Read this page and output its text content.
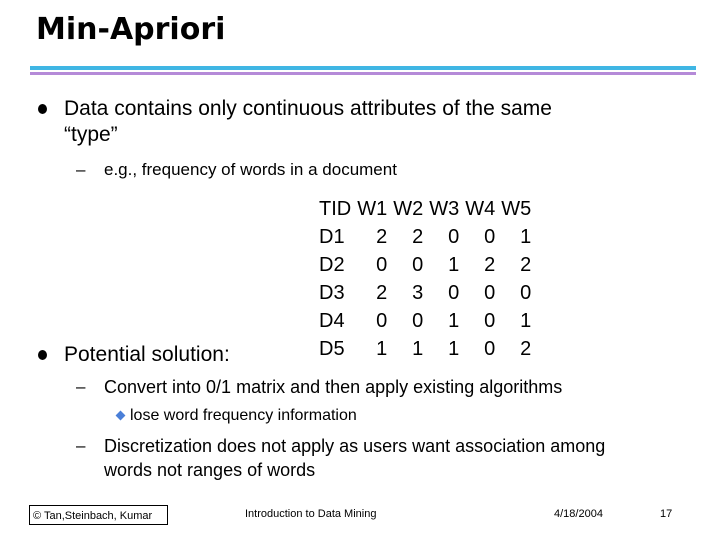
Min-Apriori
Data contains only continuous attributes of the same
“type”
– e.g., frequency of words in a document
TID	W1	W2	W3	W4	W5
D1	2	2	0	0	1
D2	0	0	1	2	2
D3	2	3	0	0	0
D4	0	0	1	0	1
D5	1	1	1	0	2
Potential solution:
– Convert into 0/1 matrix and then apply existing algorithms
lose word frequency information
– Discretization does not apply as users want association among
words not ranges of words
© Tan,Steinbach, Kumar	Introduction to Data Mining	4/18/2004	17
